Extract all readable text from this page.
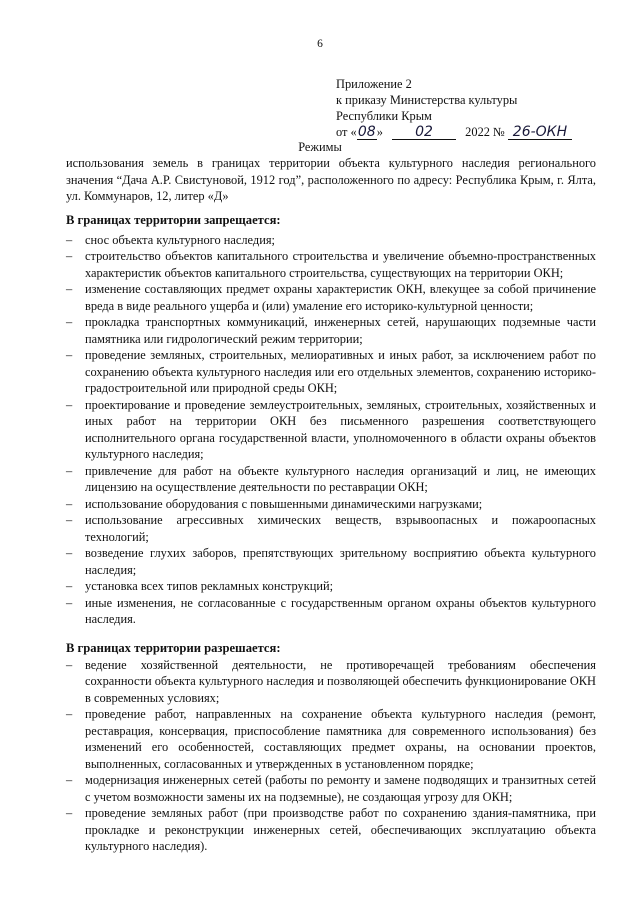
6
Приложение 2
к приказу Министерства культуры
Республики Крым
от «08» 02	2022 № 26-ОКН
Режимы
использования земель в границах территории объекта культурного наследия регионального значения “Дача А.Р. Свистуновой, 1912 год”, расположенного по адресу: Республика Крым, г. Ялта, ул. Коммунаров, 12, литер «Д»

В границах территории запрещается:

– снос объекта культурного наследия;
– строительство объектов капитального строительства и увеличение объемно-пространственных характеристик объектов капитального строительства, существующих на территории ОКН;
– изменение составляющих предмет охраны характеристик ОКН, влекущее за собой причинение вреда в виде реального ущерба и (или) умаление его историко-культурной ценности;
– прокладка транспортных коммуникаций, инженерных сетей, нарушающих подземные части памятника или гидрологический режим территории;
– проведение земляных, строительных, мелиоративных и иных работ, за исключением работ по сохранению объекта культурного наследия или его отдельных элементов, сохранению историко-градостроительной или природной среды ОКН;
– проектирование и проведение землеустроительных, земляных, строительных, хозяйственных и иных работ на территории ОКН без письменного разрешения соответствующего исполнительного органа государственной власти, уполномоченного в области охраны объектов культурного наследия;
– привлечение для работ на объекте культурного наследия организаций и лиц, не имеющих лицензию на осуществление деятельности по реставрации ОКН;
– использование оборудования с повышенными динамическими нагрузками;
– использование агрессивных химических веществ, взрывоопасных и пожароопасных технологий;
– возведение глухих заборов, препятствующих зрительному восприятию объекта культурного наследия;
– установка всех типов рекламных конструкций;
– иные изменения, не согласованные с государственным органом охраны объектов культурного наследия.

В границах территории разрешается:

– ведение хозяйственной деятельности, не противоречащей требованиям обеспечения сохранности объекта культурного наследия и позволяющей обеспечить функционирование ОКН в современных условиях;
– проведение работ, направленных на сохранение объекта культурного наследия (ремонт, реставрация, консервация, приспособление памятника для современного использования) без изменений его особенностей, составляющих предмет охраны, на основании проектов, выполненных, согласованных и утвержденных в установленном порядке;
– модернизация инженерных сетей (работы по ремонту и замене подводящих и транзитных сетей с учетом возможности замены их на подземные), не создающая угрозу для ОКН;
– проведение земляных работ (при производстве работ по сохранению здания-памятника, при прокладке и реконструкции инженерных сетей, обеспечивающих эксплуатацию объекта культурного наследия).
